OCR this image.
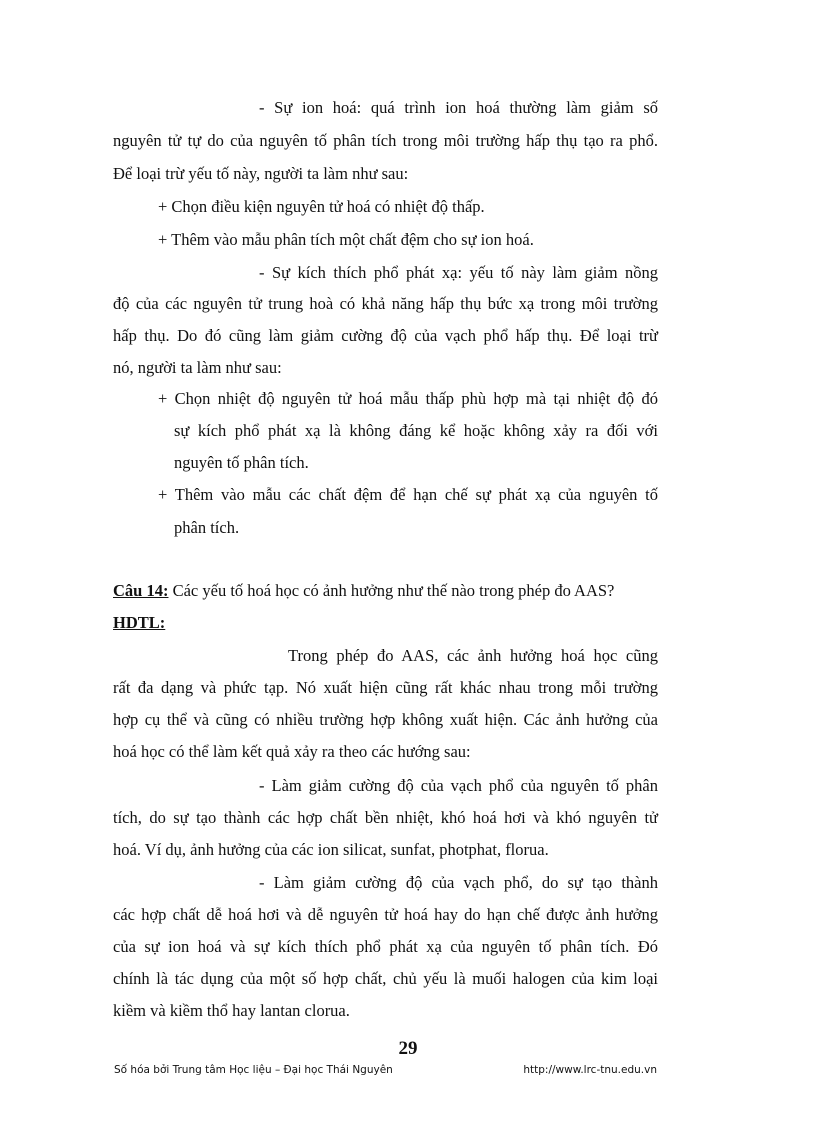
- Sự ion hoá: quá trình ion hoá thường làm giảm số
nguyên tử tự do của nguyên tố phân tích trong môi trường hấp thụ tạo ra phổ.
Để loại trừ yếu tố này, người ta làm như sau:
+ Chọn điều kiện nguyên tử hoá có nhiệt độ thấp.
+ Thêm vào mẫu phân tích một chất đệm cho sự ion hoá.
- Sự kích thích phổ phát xạ: yếu tố này làm giảm nồng
độ của các nguyên tử trung hoà có khả năng hấp thụ bức xạ trong môi trường
hấp thụ. Do đó cũng làm giảm cường độ của vạch phổ hấp thụ. Để loại trừ
nó, người ta làm như sau:
+ Chọn nhiệt độ nguyên tử hoá mẫu thấp phù hợp mà tại nhiệt độ đó
sự kích phổ phát xạ là không đáng kể hoặc không xảy ra đối với
nguyên tố phân tích.
+ Thêm vào mẫu các chất đệm để hạn chế sự phát xạ của nguyên tố
phân tích.
Câu 14: Các yếu tố hoá học có ảnh hưởng như thế nào trong phép đo AAS?
HDTL:
Trong phép đo AAS, các ảnh hưởng hoá học cũng
rất đa dạng và phức tạp. Nó xuất hiện cũng rất khác nhau trong mỗi trường
hợp cụ thể và cũng có nhiều trường hợp không xuất hiện. Các ảnh hưởng của
hoá học có thể làm kết quả xảy ra theo các hướng sau:
- Làm giảm cường độ của vạch phổ của nguyên tố phân
tích, do sự tạo thành các hợp chất bền nhiệt, khó hoá hơi và khó nguyên tử
hoá. Ví dụ, ảnh hưởng của các ion silicat, sunfat, photphat, florua.
- Làm giảm cường độ của vạch phổ, do sự tạo thành
các hợp chất dễ hoá hơi và dễ nguyên tử hoá hay do hạn chế được ảnh hưởng
của sự ion hoá và sự kích thích phổ phát xạ của nguyên tố phân tích. Đó
chính là tác dụng của một số hợp chất, chủ yếu là muối halogen của kim loại
kiềm và kiềm thổ hay lantan clorua.
29
Số hóa bởi Trung tâm Học liệu – Đại học Thái Nguyên	http://www.lrc-tnu.edu.vn
